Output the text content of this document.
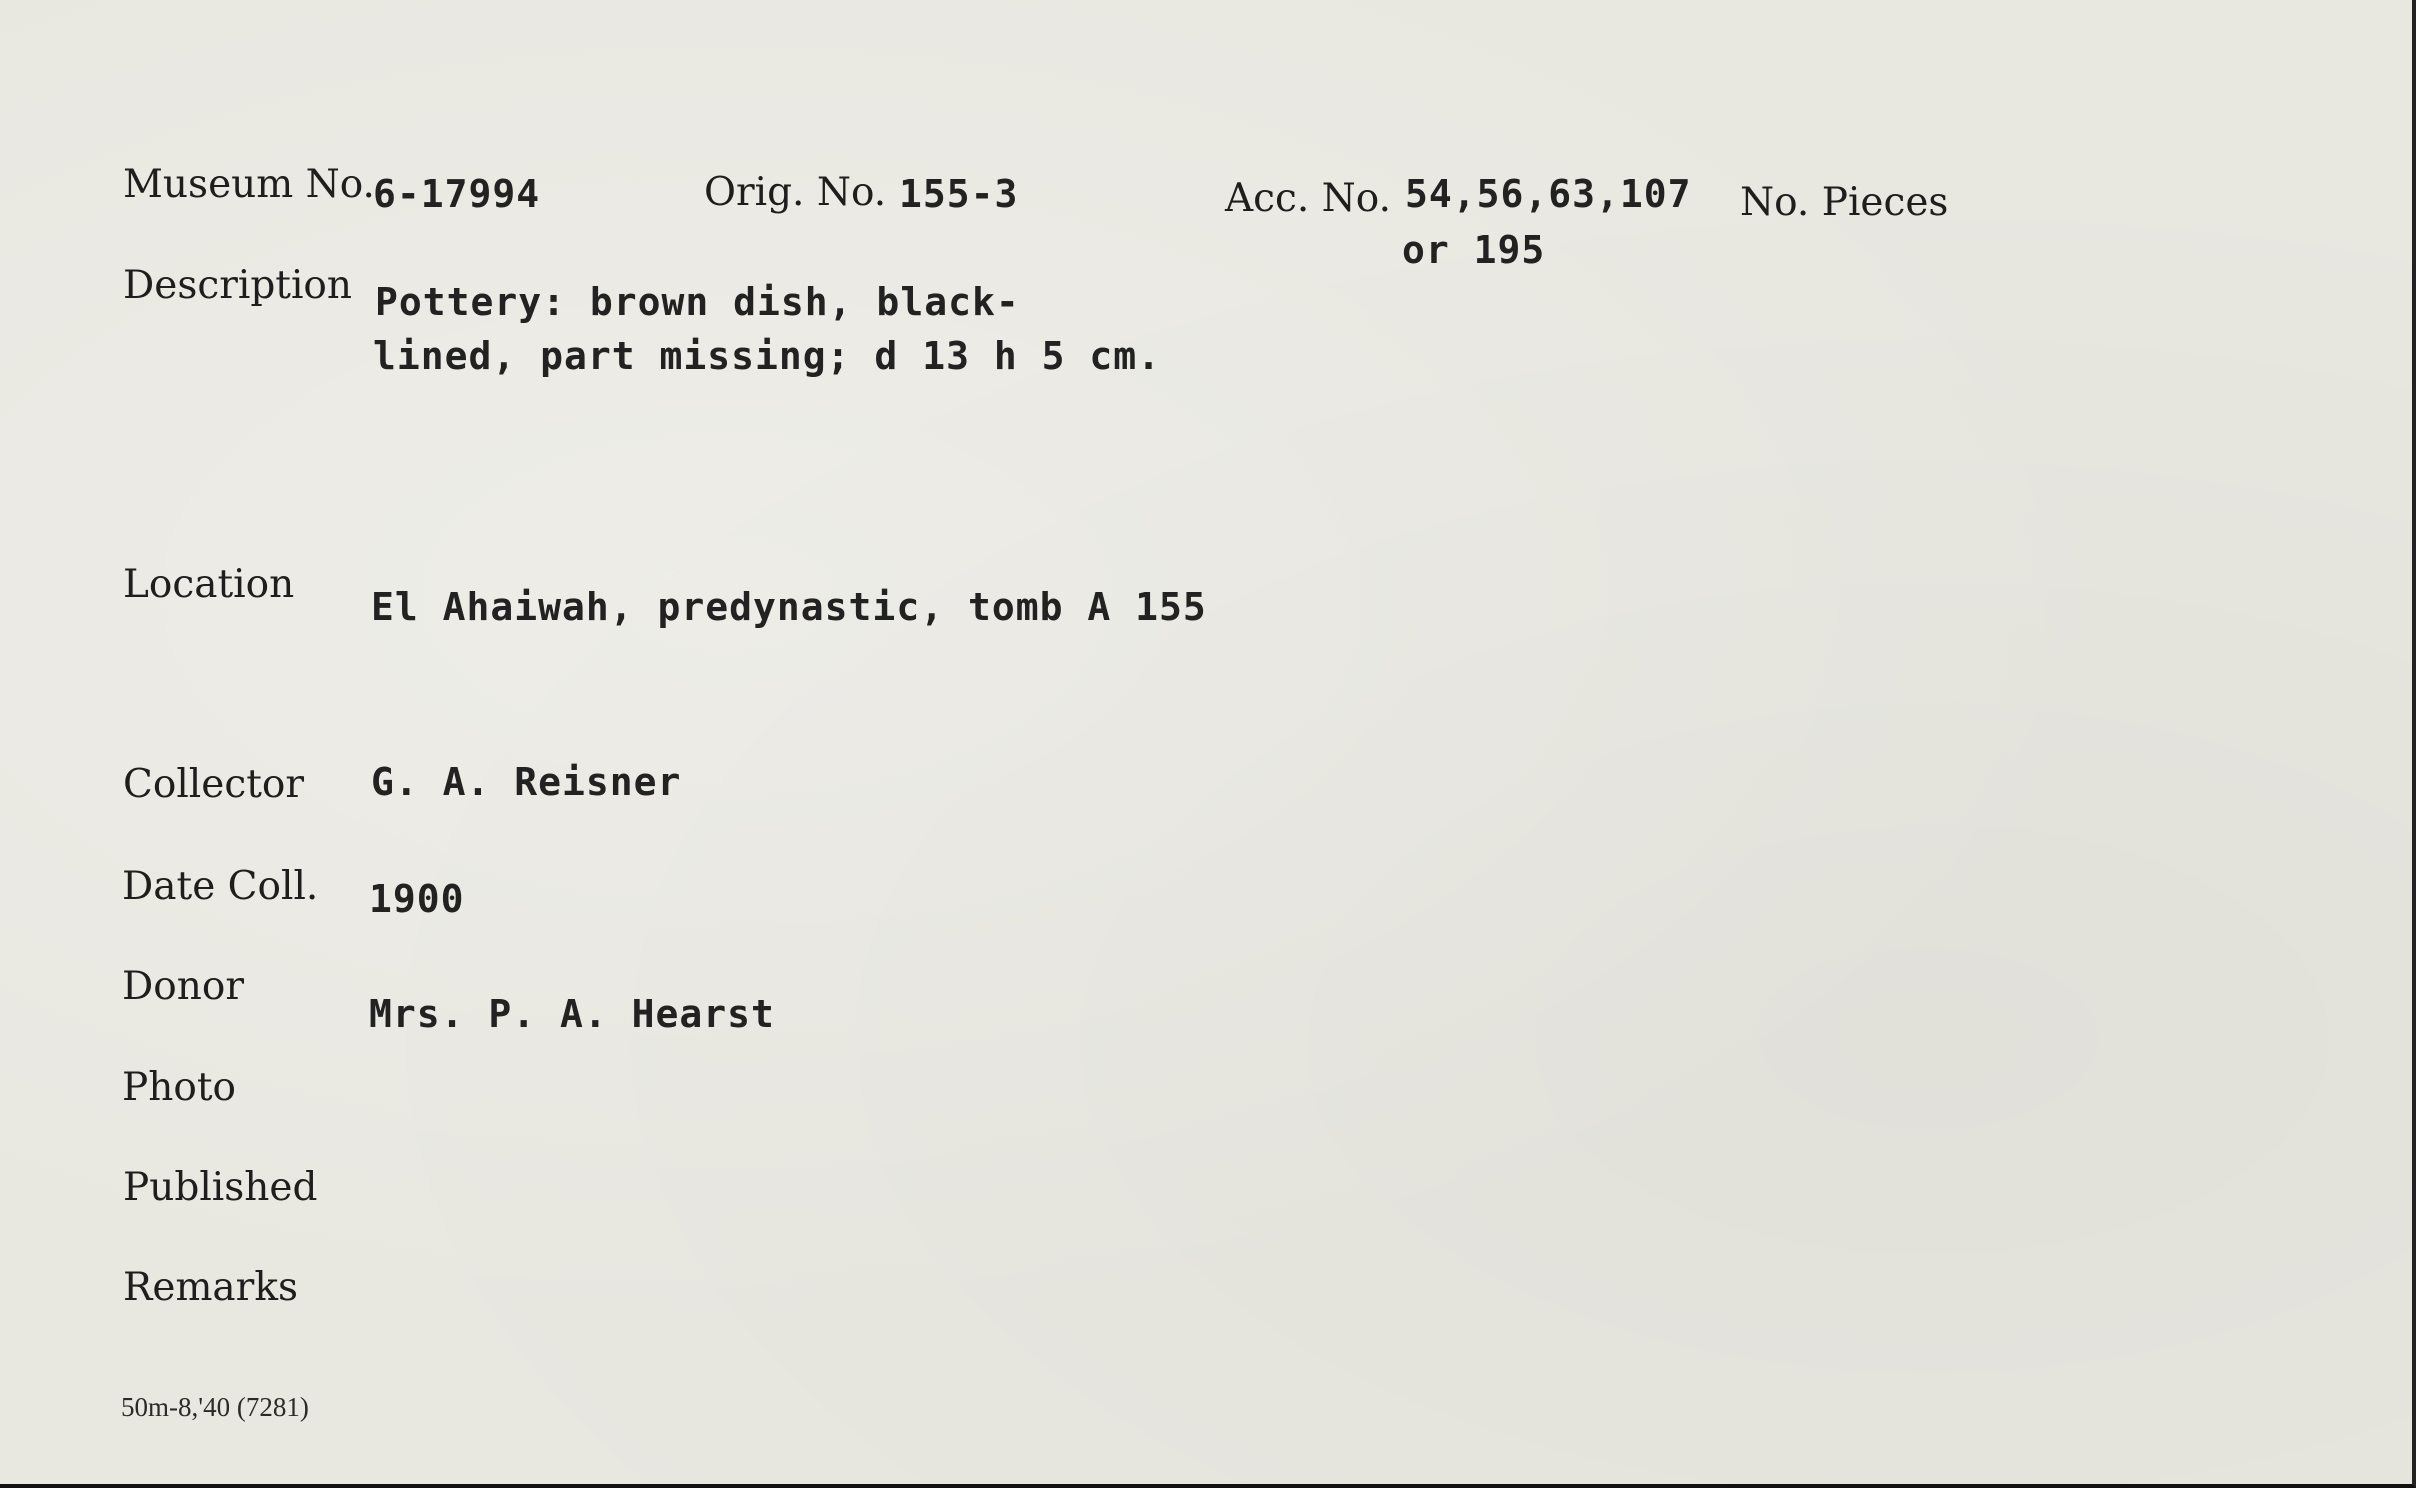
Museum No.
6-17994	Orig. No. 155-3	Acc. No. 54,56,63,107
or 195
No. Pieces
Description Pottery: brown dish, black-
lined, part missing; d 13 h 5 cm.
Location El Ahaiwah, predynastic, tomb A 155
Collector G. A. Reisner
Date Coll. 1900
Donor
Mrs. P. A. Hearst
Photo
Published
Remarks
50m-8,'40 (7281)
